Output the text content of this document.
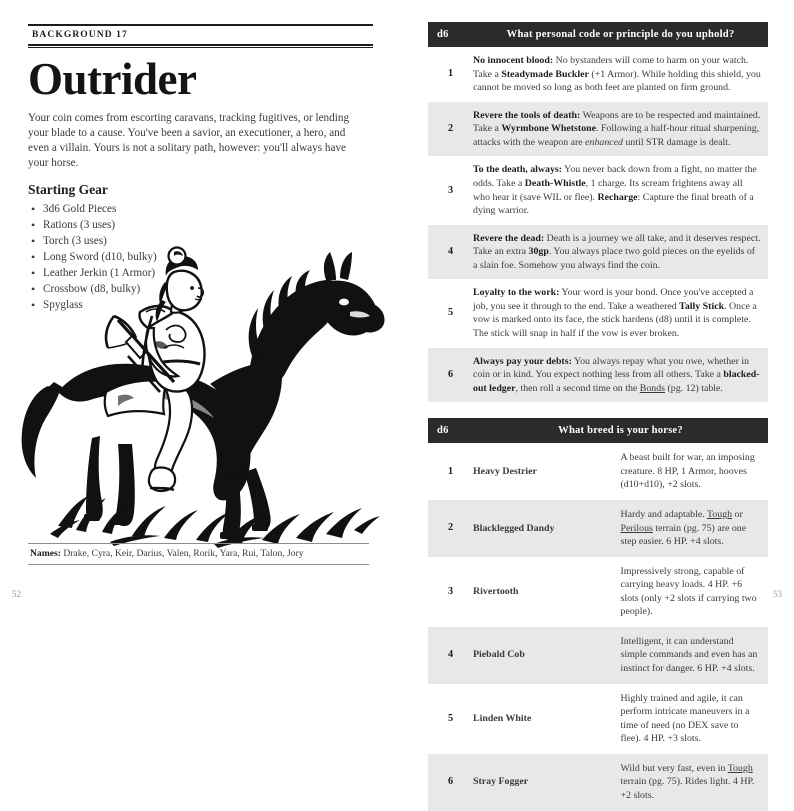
BACKGROUND 17
Outrider

Your coin comes from escorting caravans, tracking fugitives, or lending your blade to a cause. You've been a savior, an executioner, a hero, and even a villain. Yours is not a solitary path, however: you'll always have your horse.

Starting Gear
• 3d6 Gold Pieces
• Rations (3 uses)
• Torch (3 uses)
• Long Sword (d10, bulky)
• Leather Jerkin (1 Armor)
• Crossbow (d8, bulky)
• Spyglass
Names: Drake, Cyra, Keir, Darius, Valen, Rorik, Yara, Rui, Talon, Jory
52
d6	What personal code or principle do you uphold?
1	No innocent blood: No bystanders will come to harm on your watch. Take a Steadymade Buckler (+1 Armor). While holding this shield, you cannot be moved so long as both feet are planted on firm ground.
2	Revere the tools of death: Weapons are to be respected and maintained. Take a Wyrmbone Whetstone. Following a half-hour ritual sharpening, attacks with the weapon are enhanced until STR damage is dealt.
3	To the death, always: You never back down from a fight, no matter the odds. Take a Death-Whistle, 1 charge. Its scream frightens away all who hear it (save WIL or flee). Recharge: Capture the final breath of a dying warrior.
4	Revere the dead: Death is a journey we all take, and it deserves respect. Take an extra 30gp. You always place two gold pieces on the eyelids of a slain foe. Somehow you always find the coin.
5	Loyalty to the work: Your word is your bond. Once you've accepted a job, you see it through to the end. Take a weathered Tally Stick. Once a vow is marked onto its face, the stick hardens (d8) until it is complete. The stick will snap in half if the vow is ever broken.
6	Always pay your debts: You always repay what you owe, whether in coin or in kind. You expect nothing less from all others. Take a blacked-out ledger, then roll a second time on the Bonds (pg. 12) table.
d6	What breed is your horse?	
1	Heavy Destrier	A beast built for war, an imposing creature. 8 HP, 1 Armor, hooves (d10+d10), +2 slots.
2	Blacklegged Dandy	Hardy and adaptable. Tough or Perilous terrain (pg. 75) are one step easier. 6 HP. +4 slots.
3	Rivertooth	Impressively strong, capable of carrying heavy loads. 4 HP. +6 slots (only +2 slots if carrying two people).
4	Piebald Cob	Intelligent, it can understand simple commands and even has an instinct for danger. 6 HP. +4 slots.
5	Linden White	Highly trained and agile, it can perform intricate maneuvers in a time of need (no DEX save to flee). 4 HP. +3 slots.
6	Stray Fogger	Wild but very fast, even in Tough terrain (pg. 75). Rides light. 4 HP. +2 slots.
53
